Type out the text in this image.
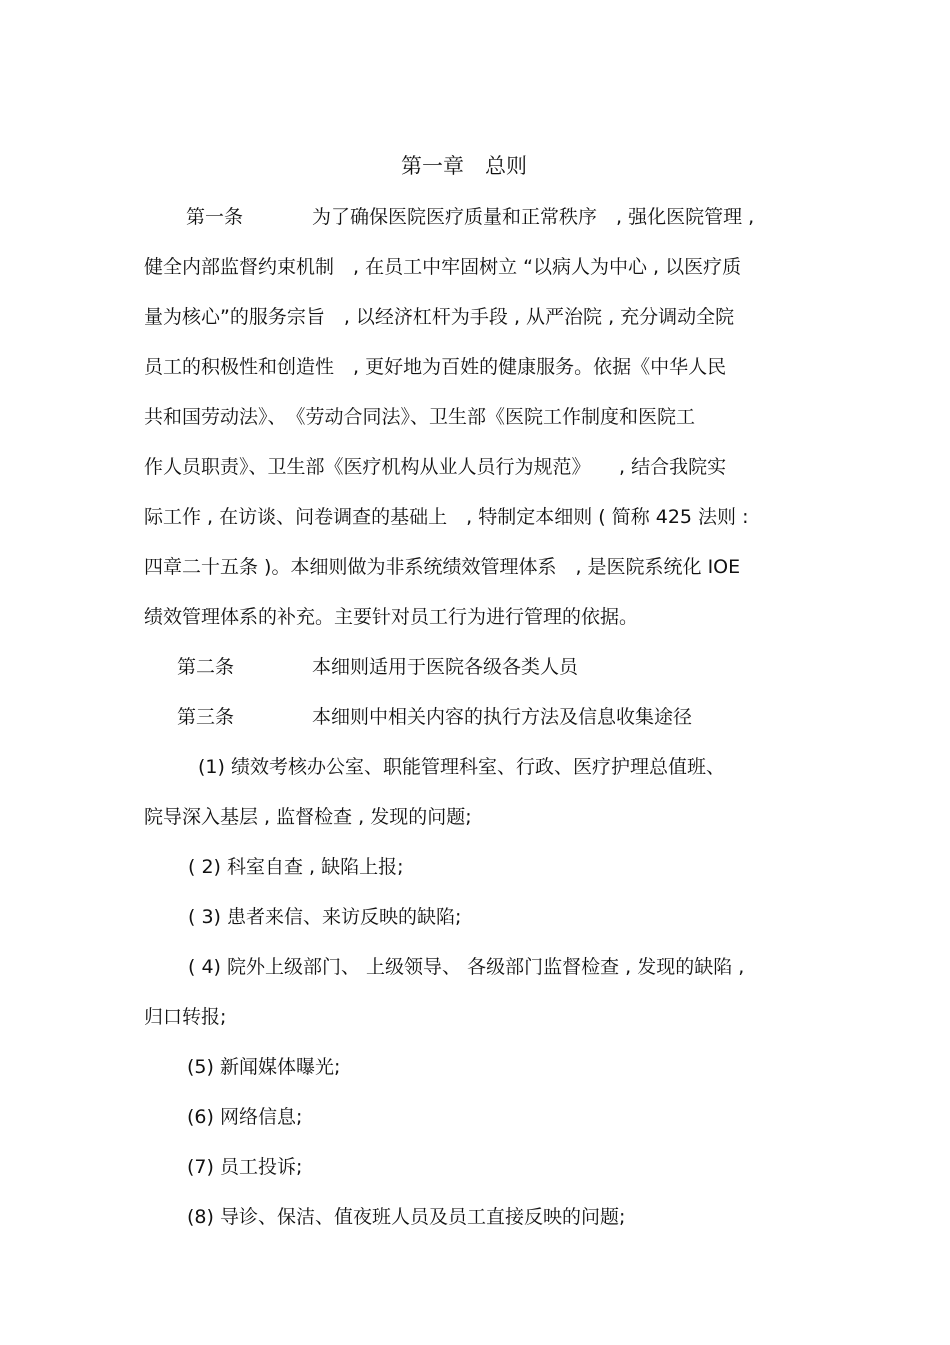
第一章　总则
第一条	为了确保医院医疗质量和正常秩序　, 强化医院管理 ,
健全内部监督约束机制　, 在员工中牢固树立 “以病人为中心 , 以医疗质
量为核心”的服务宗旨　, 以经济杠杆为手段 , 从严治院 , 充分调动全院
员工的积极性和创造性　, 更好地为百姓的健康服务。依据《中华人民
共和国劳动法》、　《劳动合同法》、卫生部《医院工作制度和医院工
作人员职责》、卫生部《医疗机构从业人员行为规范》　　, 结合我院实
际工作 , 在访谈、问卷调查的基础上　, 特制定本细则 ( 简称 425 法则 :
四章二十五条 )。本细则做为非系统绩效管理体系　, 是医院系统化 IOE
绩效管理体系的补充。主要针对员工行为进行管理的依据。
第二条	本细则适用于医院各级各类人员
第三条	本细则中相关内容的执行方法及信息收集途径
(1) 绩效考核办公室、职能管理科室、行政、医疗护理总值班、
院导深入基层 , 监督检查 , 发现的问题;
( 2) 科室自查 , 缺陷上报;
( 3) 患者来信、来访反映的缺陷;
( 4) 院外上级部门、 上级领导、 各级部门监督检查 , 发现的缺陷 ,
归口转报;
(5) 新闻媒体曝光;
(6) 网络信息;
(7) 员工投诉;
(8) 导诊、保洁、值夜班人员及员工直接反映的问题;
